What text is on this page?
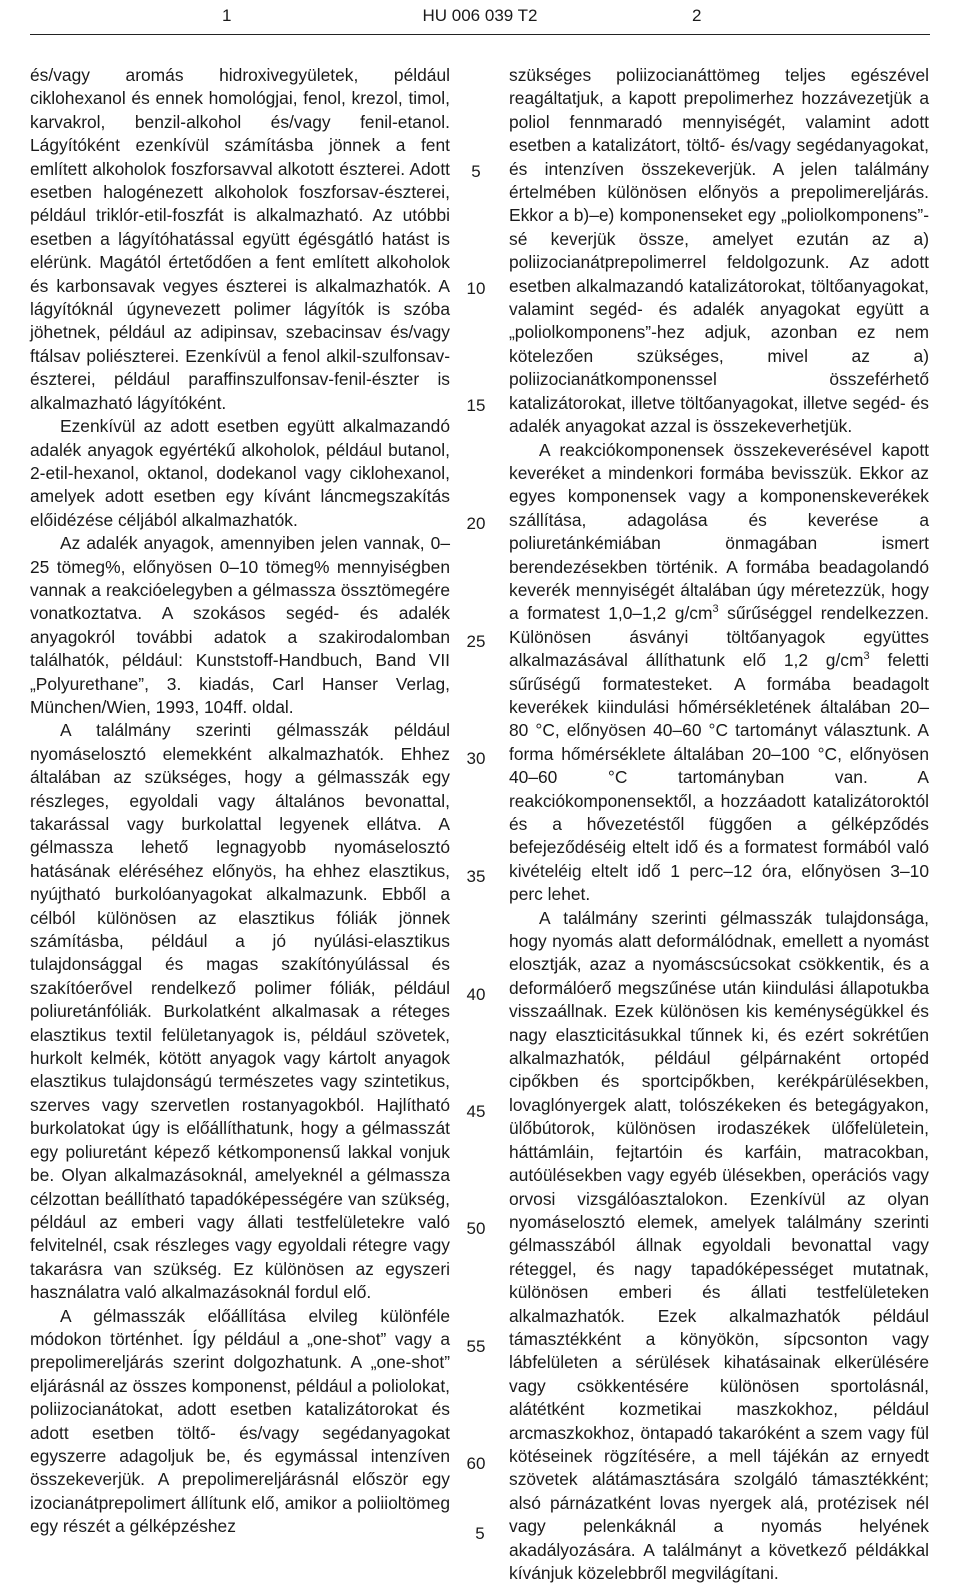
1	HU 006 039 T2	2

és/vagy aromás hidroxivegyületek, például ciklohexanol és ennek homológjai, fenol, krezol, timol, karvakrol, benzil-alkohol és/vagy fenil-etanol. Lágyítóként ezenkívül számításba jönnek a fent említett alkoholok foszforsavval alkotott észterei. Adott esetben halogénezett alkoholok foszforsav-észterei, például triklór-etil-foszfát is alkalmazható. Az utóbbi esetben a lágyítóhatással együtt égésgátló hatást is elérünk. Magától értetődően a fent említett alkoholok és karbonsavak vegyes észterei is alkalmazhatók. A lágyítóknál úgynevezett polimer lágyítók is szóba jöhetnek, például az adipinsav, szebacinsav és/vagy ftálsav poliészterei. Ezenkívül a fenol alkil-szulfonsav-észterei, például paraffinszulfonsav-fenil-észter is alkalmazható lágyítóként.

Ezenkívül az adott esetben együtt alkalmazandó adalék anyagok egyértékű alkoholok, például butanol, 2-etil-hexanol, oktanol, dodekanol vagy ciklohexanol, amelyek adott esetben egy kívánt láncmegszakítás előidézése céljából alkalmazhatók.

Az adalék anyagok, amennyiben jelen vannak, 0–25 tömeg%, előnyösen 0–10 tömeg% mennyiségben vannak a reakcióelegyben a gélmassza össztömegére vonatkoztatva. A szokásos segéd- és adalék anyagokról további adatok a szakirodalomban találhatók, például: Kunststoff-Handbuch, Band VII „Polyurethane”, 3. kiadás, Carl Hanser Verlag, München/Wien, 1993, 104ff. oldal.

A találmány szerinti gélmasszák például nyomáselosztó elemekként alkalmazhatók. Ehhez általában az szükséges, hogy a gélmasszák egy részleges, egyoldali vagy általános bevonattal, takarással vagy burkolattal legyenek ellátva. A gélmassza lehető legnagyobb nyomáselosztó hatásának eléréséhez előnyös, ha ehhez elasztikus, nyújtható burkolóanyagokat alkalmazunk. Ebből a célból különösen az elasztikus fóliák jönnek számításba, például a jó nyúlási-elasztikus tulajdonsággal és magas szakítónyúlással és szakítóerővel rendelkező polimer fóliák, például poliuretánfóliák. Burkolatként alkalmasak a réteges elasztikus textil felületanyagok is, például szövetek, hurkolt kelmék, kötött anyagok vagy kártolt anyagok elasztikus tulajdonságú természetes vagy szintetikus, szerves vagy szervetlen rostanyagokból. Hajlítható burkolatokat úgy is előállíthatunk, hogy a gélmasszát egy poliuretánt képező kétkomponensű lakkal vonjuk be. Olyan alkalmazásoknál, amelyeknél a gélmassza célzottan beállítható tapadóképességére van szükség, például az emberi vagy állati testfelületekre való felvitelnél, csak részleges vagy egyoldali rétegre vagy takarásra van szükség. Ez különösen az egyszeri használatra való alkalmazásoknál fordul elő.

A gélmasszák előállítása elvileg különféle módokon történhet. Így például a „one-shot” vagy a prepolimereljárás szerint dolgozhatunk. A „one-shot” eljárásnál az összes komponenst, például a poliolokat, poliizocianátokat, adott esetben katalizátorokat és adott esetben töltő- és/vagy segédanyagokat egyszerre adagoljuk be, és egymással intenzíven összekeverjük. A prepolimereljárásnál először egy izocianátprepolimert állítunk elő, amikor a poliioltömeg egy részét a gélképzéshez

5
10
15
20
25
30
35
40
45
50
55
60

szükséges poliizocianáttömeg teljes egészével reagáltatjuk, a kapott prepolimerhez hozzávezetjük a poliol fennmaradó mennyiségét, valamint adott esetben a katalizátort, töltő- és/vagy segédanyagokat, és intenzíven összekeverjük. A jelen találmány értelmében különösen előnyös a prepolimereljárás. Ekkor a b)–e) komponenseket egy „poliolkomponens”-sé keverjük össze, amelyet ezután az a) poliizocianátprepolimerrel feldolgozunk. Az adott esetben alkalmazandó katalizátorokat, töltőanyagokat, valamint segéd- és adalék anyagokat együtt a „poliolkomponens”-hez adjuk, azonban ez nem kötelezően szükséges, mivel az a) poliizocianátkomponenssel összeférhető katalizátorokat, illetve töltőanyagokat, illetve segéd- és adalék anyagokat azzal is összekeverhetjük.

A reakciókomponensek összekeverésével kapott keveréket a mindenkori formába bevisszük. Ekkor az egyes komponensek vagy a komponenskeverékek szállítása, adagolása és keverése a poliuretánkémiában önmagában ismert berendezésekben történik. A formába beadagolandó keverék mennyiségét általában úgy méretezzük, hogy a formatest 1,0–1,2 $g/cm^3$ sűrűséggel rendelkezzen. Különösen ásványi töltőanyagok együttes alkalmazásával állíthatunk elő 1,2 $g/cm^3$ feletti sűrűségű formatesteket. A formába beadagolt keverékek kiindulási hőmérsékletének általában 20–80 °C, előnyösen 40–60 °C tartományt választunk. A forma hőmérséklete általában 20–100 °C, előnyösen 40–60 °C tartományban van. A reakciókomponensektől, a hozzáadott katalizátoroktól és a hővezetéstől függően a gélképződés befejeződéséig eltelt idő és a formatest formából való kivételéig eltelt idő 1 perc–12 óra, előnyösen 3–10 perc lehet.

A találmány szerinti gélmasszák tulajdonsága, hogy nyomás alatt deformálódnak, emellett a nyomást elosztják, azaz a nyomáscsúcsokat csökkentik, és a deformálóerő megszűnése után kiindulási állapotukba visszaállnak. Ezek különösen kis keménységükkel és nagy elaszticitásukkal tűnnek ki, és ezért sokrétűen alkalmazhatók, például gélpárnaként ortopéd cipőkben és sportcipőkben, kerékpárülésekben, lovaglónyergek alatt, tolószékeken és betegágyakon, ülőbútorok, különösen irodaszékek ülőfelületein, háttámláin, fejtartóin és karfáin, matracokban, autóülésekben vagy egyéb ülésekben, operációs vagy orvosi vizsgálóasztalokon. Ezenkívül az olyan nyomáselosztó elemek, amelyek találmány szerinti gélmasszából állnak egyoldali bevonattal vagy réteggel, és nagy tapadóképességet mutatnak, különösen emberi és állati testfelületeken alkalmazhatók. Ezek alkalmazhatók például támasztékként a könyökön, sípcsonton vagy lábfelületen a sérülések kihatásainak elkerülésére vagy csökkentésére különösen sportolásnál, alátétként kozmetikai maszkokhoz, például arcmaszkokhoz, öntapadó takaróként a szem vagy fül kötéseinek rögzítésére, a mell tájékán az ernyedt szövetek alátámasztására szolgáló támasztékként; alsó párnázatként lovas nyergek alá, protézisek nél vagy pelenkáknál a nyomás helyének akadályozására. A találmányt a következő példákkal kívánjuk közelebbről megvilágítani.

5
